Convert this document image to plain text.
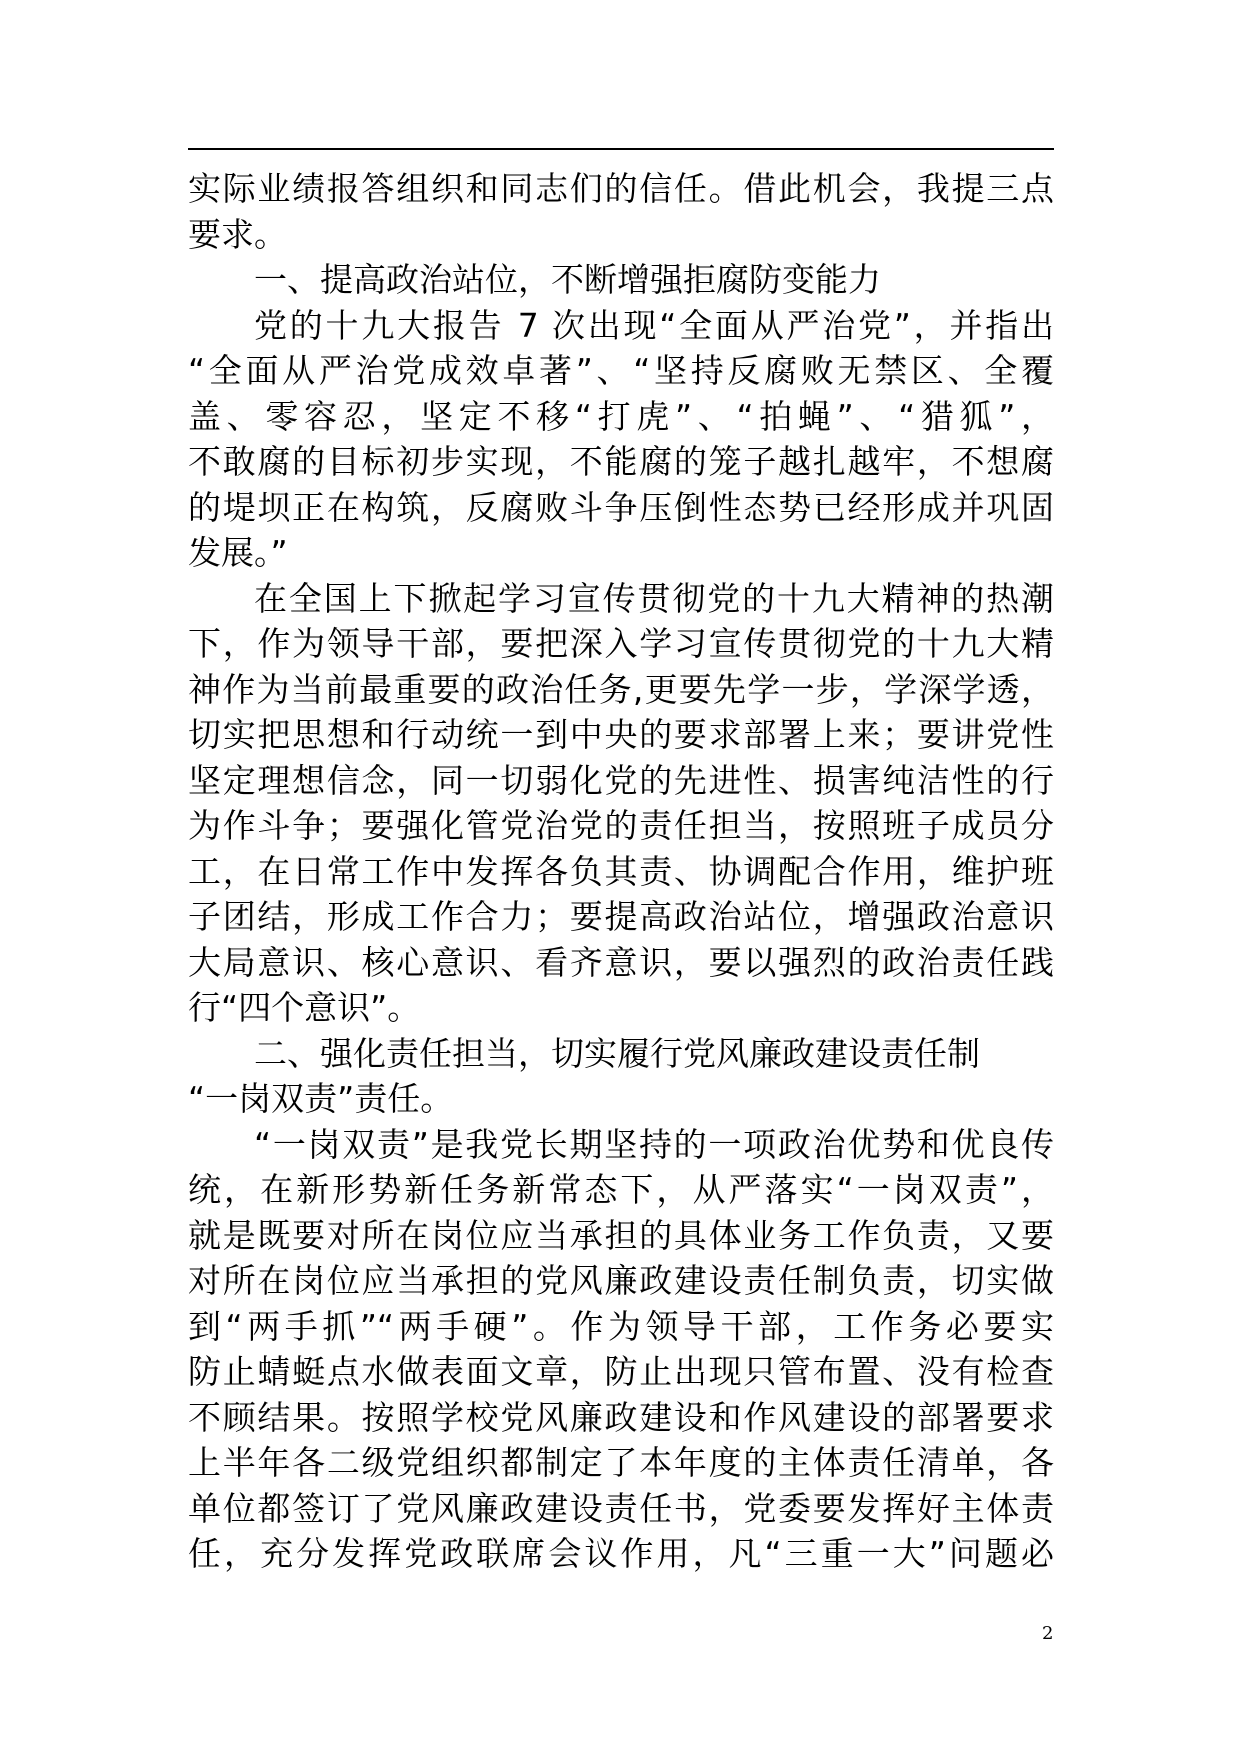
实际业绩报答组织和同志们的信任。借此机会，我提三点
要求。
一、提高政治站位，不断增强拒腐防变能力
党的十九大报告 7 次出现“全面从严治党”，并指出
“全面从严治党成效卓著”、“坚持反腐败无禁区、全覆
盖、零容忍，坚定不移“打虎”、“拍蝇”、“猎狐”，
不敢腐的目标初步实现，不能腐的笼子越扎越牢，不想腐
的堤坝正在构筑，反腐败斗争压倒性态势已经形成并巩固
发展。”
在全国上下掀起学习宣传贯彻党的十九大精神的热潮
下，作为领导干部，要把深入学习宣传贯彻党的十九大精
神作为当前最重要的政治任务,更要先学一步，学深学透，
切实把思想和行动统一到中央的要求部署上来；要讲党性
坚定理想信念，同一切弱化党的先进性、损害纯洁性的行
为作斗争；要强化管党治党的责任担当，按照班子成员分
工，在日常工作中发挥各负其责、协调配合作用，维护班
子团结，形成工作合力；要提高政治站位，增强政治意识
大局意识、核心意识、看齐意识，要以强烈的政治责任践
行“四个意识”。
二、强化责任担当，切实履行党风廉政建设责任制
“一岗双责”责任。
“一岗双责”是我党长期坚持的一项政治优势和优良传
统，在新形势新任务新常态下，从严落实“一岗双责”，
就是既要对所在岗位应当承担的具体业务工作负责，又要
对所在岗位应当承担的党风廉政建设责任制负责，切实做
到“两手抓”“两手硬”。作为领导干部，工作务必要实
防止蜻蜓点水做表面文章，防止出现只管布置、没有检查
不顾结果。按照学校党风廉政建设和作风建设的部署要求
上半年各二级党组织都制定了本年度的主体责任清单，各
单位都签订了党风廉政建设责任书，党委要发挥好主体责
任，充分发挥党政联席会议作用，凡“三重一大”问题必
2
